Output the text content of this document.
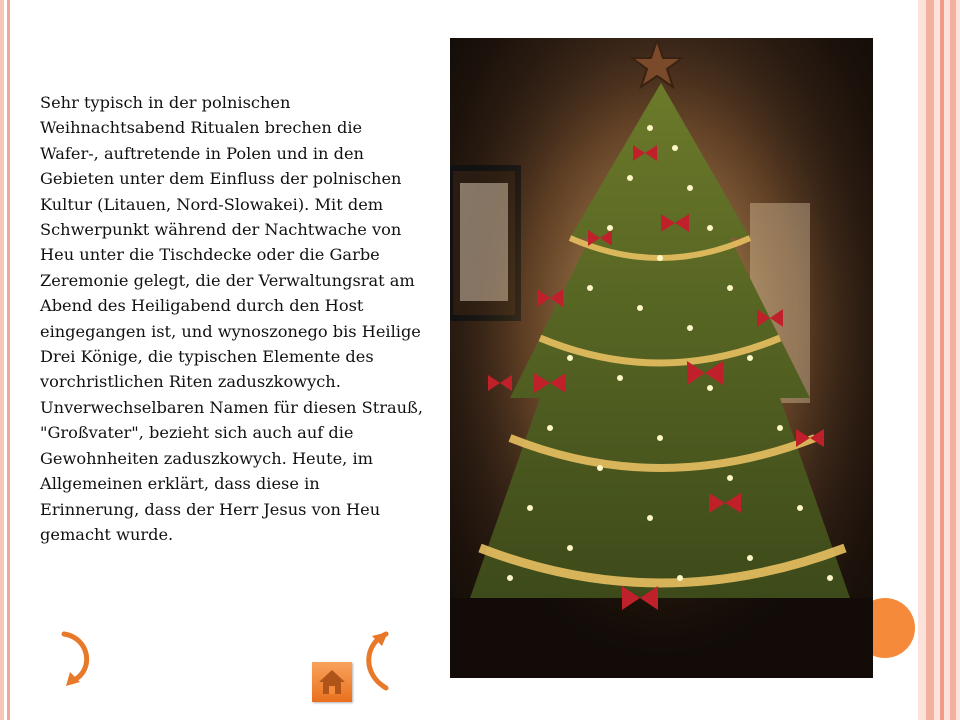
Sehr typisch in der polnischen Weihnachtsabend Ritualen brechen die Wafer-, auftretende in Polen und in den Gebieten unter dem Einfluss der polnischen Kultur (Litauen, Nord-Slowakei). Mit dem Schwerpunkt während der Nachtwache von Heu unter die Tischdecke oder die Garbe Zeremonie gelegt, die der Verwaltungsrat am Abend des Heiligabend durch den Host eingegangen ist, und wynoszonego bis Heilige Drei Könige, die typischen Elemente des vorchristlichen Riten zaduszkowych. Unverwechselbaren Namen für diesen Strauß, "Großvater", bezieht sich auch auf die Gewohnheiten zaduszkowych. Heute, im Allgemeinen erklärt, dass diese in Erinnerung, dass der Herr Jesus von Heu gemacht wurde.
